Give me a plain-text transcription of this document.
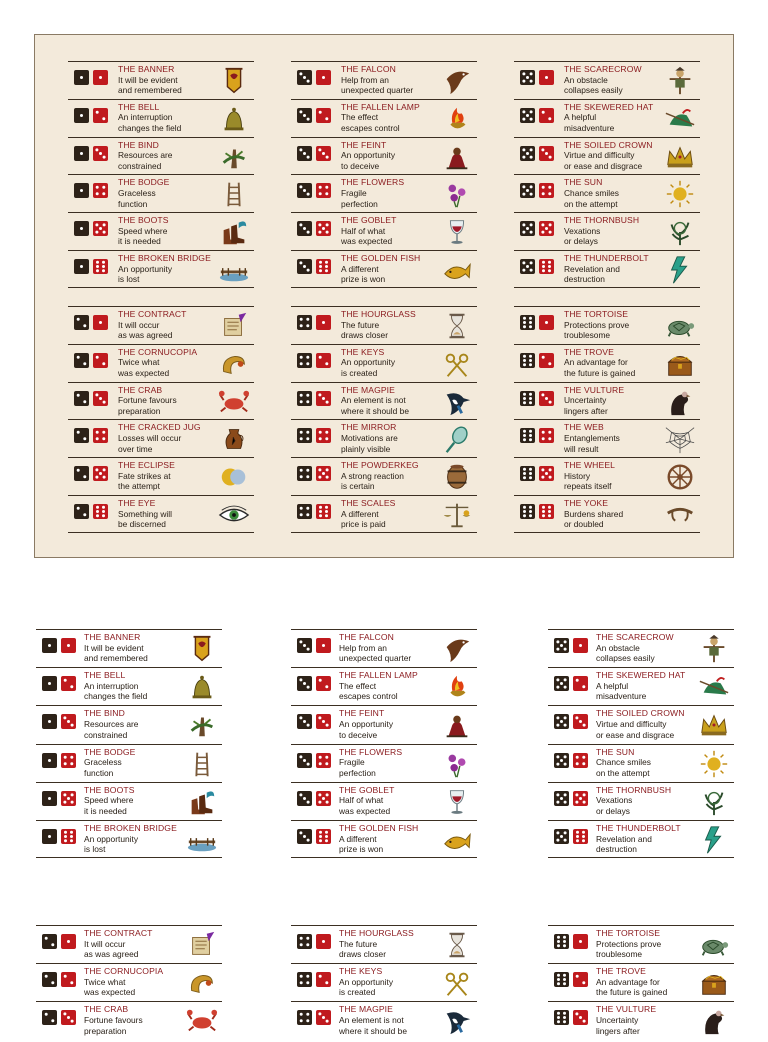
THE BANNER
It will be evident
and remembered
THE BELL
An interruption
changes the field
THE BIND
Resources are
constrained
THE BODGE
Graceless
function
THE BOOTS
Speed where
it is needed
THE BROKEN BRIDGE
An opportunity
is lost
THE FALCON
Help from an
unexpected quarter
THE FALLEN LAMP
The effect
escapes control
THE FEINT
An opportunity
to deceive
THE FLOWERS
Fragile
perfection
THE GOBLET
Half of what
was expected
THE GOLDEN FISH
A different
prize is won
THE SCARECROW
An obstacle
collapses easily
THE SKEWERED HAT
A helpful
misadventure
THE SOILED CROWN
Virtue and difficulty
or ease and disgrace
THE SUN
Chance smiles
on the attempt
THE THORNBUSH
Vexations
or delays
THE THUNDERBOLT
Revelation and
destruction
THE CONTRACT
It will occur
as was agreed
THE CORNUCOPIA
Twice what
was expected
THE CRAB
Fortune favours
preparation
THE CRACKED JUG
Losses will occur
over time
THE ECLIPSE
Fate strikes at
the attempt
THE EYE
Something will
be discerned
THE HOURGLASS
The future
draws closer
THE KEYS
An opportunity
is created
THE MAGPIE
An element is not
where it should be
THE MIRROR
Motivations are
plainly visible
THE POWDERKEG
A strong reaction
is certain
THE SCALES
A different
price is paid
THE TORTOISE
Protections prove
troublesome
THE TROVE
An advantage for
the future is gained
THE VULTURE
Uncertainty
lingers after
THE WEB
Entanglements
will result
THE WHEEL
History
repeats itself
THE YOKE
Burdens shared
or doubled
THE BANNER
It will be evident
and remembered
THE BELL
An interruption
changes the field
THE BIND
Resources are
constrained
THE BODGE
Graceless
function
THE BOOTS
Speed where
it is needed
THE BROKEN BRIDGE
An opportunity
is lost
THE FALCON
Help from an
unexpected quarter
THE FALLEN LAMP
The effect
escapes control
THE FEINT
An opportunity
to deceive
THE FLOWERS
Fragile
perfection
THE GOBLET
Half of what
was expected
THE GOLDEN FISH
A different
prize is won
THE SCARECROW
An obstacle
collapses easily
THE SKEWERED HAT
A helpful
misadventure
THE SOILED CROWN
Virtue and difficulty
or ease and disgrace
THE SUN
Chance smiles
on the attempt
THE THORNBUSH
Vexations
or delays
THE THUNDERBOLT
Revelation and
destruction
THE CONTRACT
It will occur
as was agreed
THE CORNUCOPIA
Twice what
was expected
THE CRAB
Fortune favours
preparation
THE HOURGLASS
The future
draws closer
THE KEYS
An opportunity
is created
THE MAGPIE
An element is not
where it should be
THE TORTOISE
Protections prove
troublesome
THE TROVE
An advantage for
the future is gained
THE VULTURE
Uncertainty
lingers after
